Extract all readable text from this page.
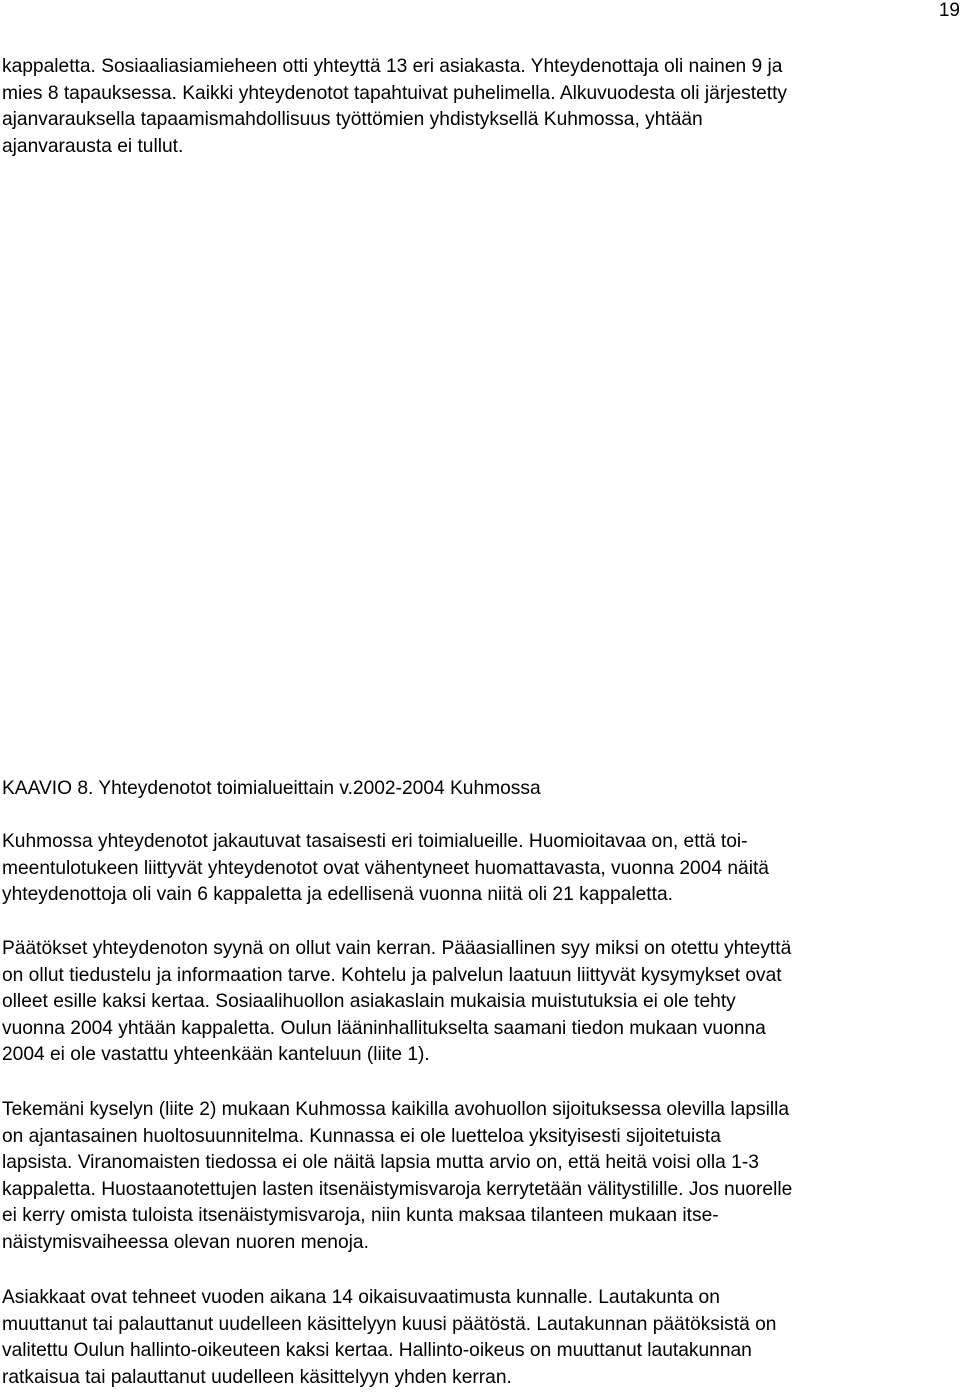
19
kappaletta. Sosiaaliasiamieheen otti yhteyttä 13 eri asiakasta. Yhteydenottaja oli nainen 9 ja
mies 8 tapauksessa. Kaikki yhteydenotot tapahtuivat puhelimella. Alkuvuodesta oli järjestetty
ajanvarauksella tapaamismahdollisuus työttömien yhdistyksellä Kuhmossa, yhtään
ajanvarausta ei tullut.
KAAVIO 8. Yhteydenotot toimialueittain v.2002-2004 Kuhmossa
Kuhmossa yhteydenotot jakautuvat tasaisesti eri toimialueille. Huomioitavaa on, että toi-
meentulotukeen liittyvät yhteydenotot ovat vähentyneet huomattavasta, vuonna 2004 näitä
yhteydenottoja oli vain 6 kappaletta ja edellisenä vuonna niitä oli 21 kappaletta.
Päätökset yhteydenoton syynä on ollut vain kerran. Pääasiallinen syy miksi on otettu yhteyttä
on ollut tiedustelu ja informaation tarve. Kohtelu ja palvelun laatuun liittyvät kysymykset ovat
olleet esille kaksi kertaa. Sosiaalihuollon asiakaslain mukaisia muistutuksia ei ole tehty
vuonna 2004 yhtään kappaletta. Oulun lääninhallitukselta saamani tiedon mukaan vuonna
2004 ei ole vastattu yhteenkään kanteluun (liite 1).
Tekemäni kyselyn (liite 2) mukaan Kuhmossa kaikilla avohuollon sijoituksessa olevilla lapsilla
on ajantasainen huoltosuunnitelma. Kunnassa ei ole luetteloa yksityisesti sijoitetuista
lapsista. Viranomaisten tiedossa ei ole näitä lapsia mutta arvio on, että heitä voisi olla 1-3
kappaletta. Huostaanotettujen lasten itsenäistymisvaroja kerrytetään välitystilille. Jos nuorelle
ei kerry omista tuloista itsenäistymisvaroja, niin kunta maksaa tilanteen mukaan itse-
näistymisvaiheessa olevan nuoren menoja.
Asiakkaat ovat tehneet vuoden aikana 14 oikaisuvaatimusta kunnalle. Lautakunta on
muuttanut tai palauttanut uudelleen käsittelyyn kuusi päätöstä. Lautakunnan päätöksistä on
valitettu Oulun hallinto-oikeuteen kaksi kertaa. Hallinto-oikeus on muuttanut lautakunnan
ratkaisua tai palauttanut uudelleen käsittelyyn yhden kerran.
